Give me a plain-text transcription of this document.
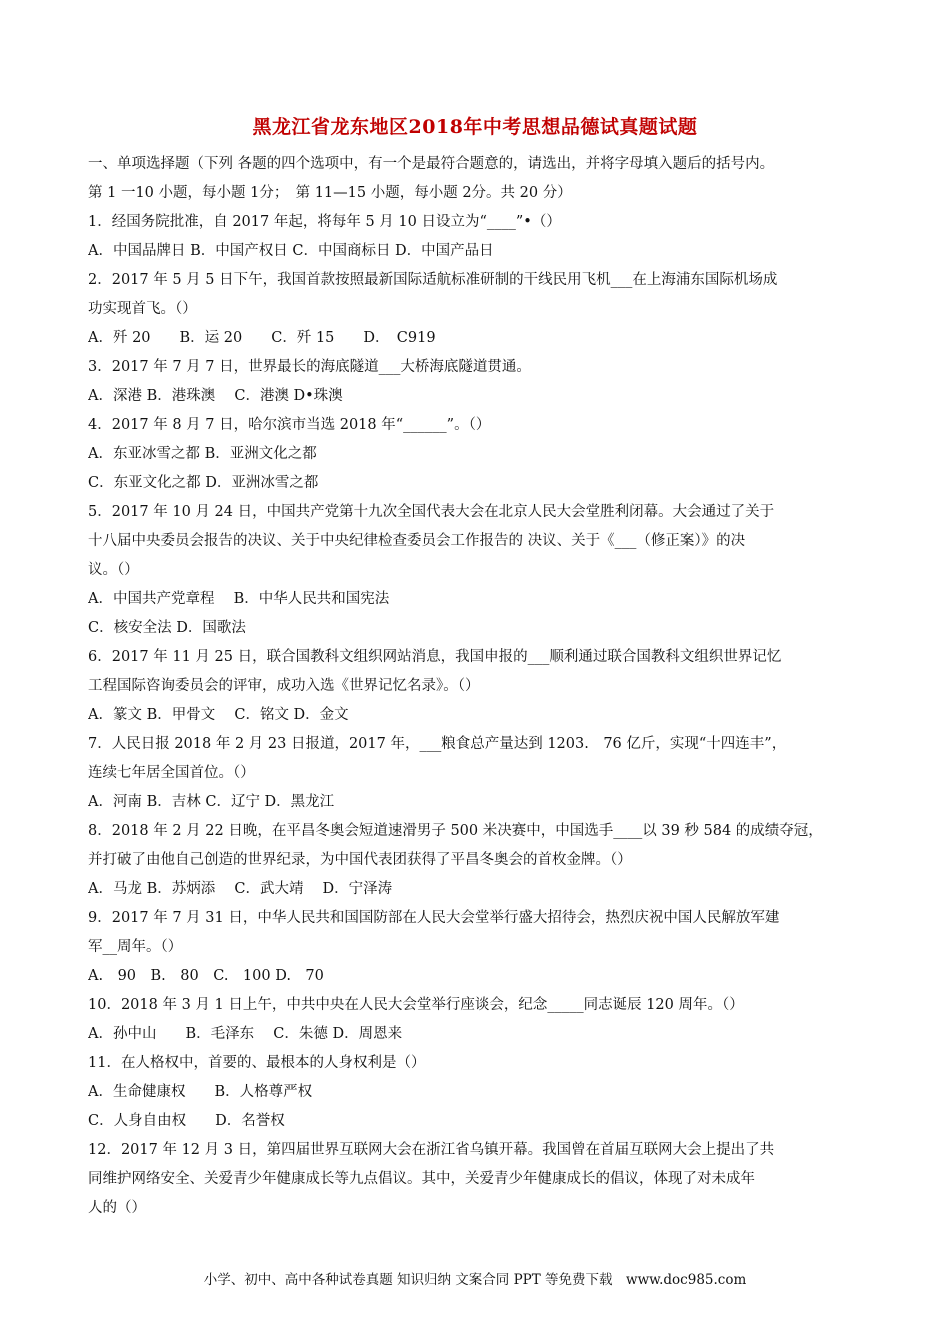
黑龙江省龙东地区2018年中考思想品德试真题试题
一、单项选择题（下列 各题的四个选项中，有一个是最符合题意的，请选出，并将字母填入题后的括号内。
第 1 一10 小题，每小题 1分；　第 11—15 小题，每小题 2分。共 20 分）
1．经国务院批准，自 2017 年起，将每年 5 月 10 日设立为“____”•（）
A．中国品牌日 B．中国产权日 C．中国商标日 D．中国产品日
2．2017 年 5 月 5 日下午，我国首款按照最新国际适航标准研制的干线民用飞机___在上海浦东国际机场成
功实现首飞。（）
A．歼 20　　B．运 20　　C．歼 15　　D．　C919
3．2017 年 7 月 7 日，世界最长的海底隧道___大桥海底隧道贯通。
A．深港 B．港珠澳　 C．港澳 D•珠澳
4．2017 年 8 月 7 日，哈尔滨市当选 2018 年“______”。（）
A．东亚冰雪之都 B．亚洲文化之都
C．东亚文化之都 D．亚洲冰雪之都
5．2017 年 10 月 24 日，中国共产党第十九次全国代表大会在北京人民大会堂胜利闭幕。大会通过了关于
十八届中央委员会报告的决议、关于中央纪律检查委员会工作报告的 决议、关于《___（修正案）》的决
议。（）
A．中国共产党章程　 B．中华人民共和国宪法
C．核安全法 D．国歌法
6．2017 年 11 月 25 日，联合国教科文组织网站消息，我国申报的___顺利通过联合国教科文组织世界记忆
工程国际咨询委员会的评审，成功入选《世界记忆名录》。（）
A．篆文 B．甲骨文　 C．铭文 D．金文
7．人民日报 2018 年 2 月 23 日报道，2017 年，___粮食总产量达到 1203.　76 亿斤，实现“十四连丰”，
连续七年居全国首位。（）
A．河南 B．吉林 C．辽宁 D．黑龙江
8．2018 年 2 月 22 日晚，在平昌冬奥会短道速滑男子 500 米决赛中，中国选手____以 39 秒 584 的成绩夺冠，
并打破了由他自己创造的世界纪录，为中国代表团获得了平昌冬奥会的首枚金牌。（）
A．马龙 B．苏炳添　 C．武大靖　 D．宁泽涛
9．2017 年 7 月 31 日，中华人民共和国国防部在人民大会堂举行盛大招待会，热烈庆祝中国人民解放军建
军__周年。（）
A.　90　B.　80　C.　100 D.　70
10．2018 年 3 月 1 日上午，中共中央在人民大会堂举行座谈会，纪念_____同志诞辰 120 周年。（）
A．孙中山　　B．毛泽东　 C．朱德 D．周恩来
11．在人格权中，首要的、最根本的人身权利是（）
A．生命健康权　　B．人格尊严权
C．人身自由权　　D．名誉权
12．2017 年 12 月 3 日，第四届世界互联网大会在浙江省乌镇开幕。我国曾在首届互联网大会上提出了共
同维护网络安全、关爱青少年健康成长等九点倡议。其中，关爱青少年健康成长的倡议，体现了对未成年
人的（）
小学、初中、高中各种试卷真题 知识归纳 文案合同 PPT 等免费下载　www.doc985.com
